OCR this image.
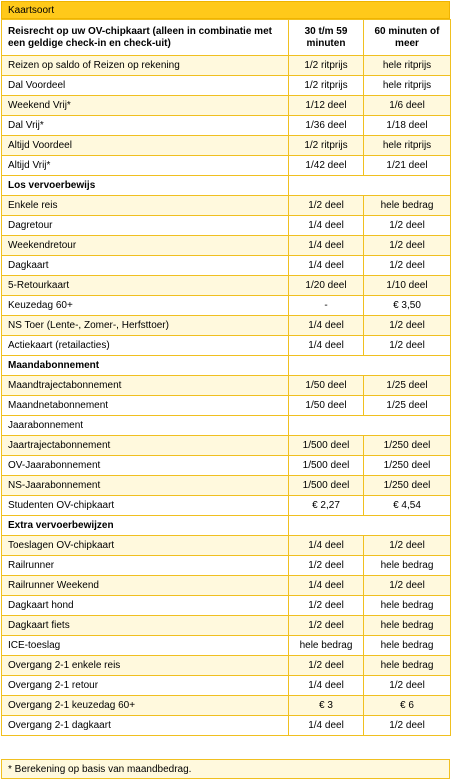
Kaartsoort
Reisrecht op uw OV-chipkaart (alleen in combinatie met een geldige check-in en check-uit)	30 t/m 59 minuten	60 minuten of meer
Reizen op saldo of Reizen op rekening	1/2 ritprijs	hele ritprijs
Dal Voordeel	1/2 ritprijs	hele ritprijs
Weekend Vrij*	1/12 deel	1/6 deel
Dal Vrij*	1/36 deel	1/18 deel
Altijd Voordeel	1/2 ritprijs	hele ritprijs
Altijd Vrij*	1/42 deel	1/21 deel
Los vervoerbewijs		
Enkele reis	1/2 deel	hele bedrag
Dagretour	1/4 deel	1/2 deel
Weekendretour	1/4 deel	1/2 deel
Dagkaart	1/4 deel	1/2 deel
5-Retourkaart	1/20 deel	1/10 deel
Keuzedag 60+	-	€ 3,50
NS Toer (Lente-, Zomer-, Herfsttoer)	1/4 deel	1/2 deel
Actiekaart (retailacties)	1/4 deel	1/2 deel
Maandabonnement		
Maandtrajectabonnement	1/50 deel	1/25 deel
Maandnetabonnement	1/50 deel	1/25 deel
Jaarabonnement		
Jaartrajectabonnement	1/500 deel	1/250 deel
OV-Jaarabonnement	1/500 deel	1/250 deel
NS-Jaarabonnement	1/500 deel	1/250 deel
Studenten OV-chipkaart	€ 2,27	€ 4,54
Extra vervoerbewijzen		
Toeslagen OV-chipkaart	1/4 deel	1/2 deel
Railrunner	1/2 deel	hele bedrag
Railrunner Weekend	1/4 deel	1/2 deel
Dagkaart hond	1/2 deel	hele bedrag
Dagkaart fiets	1/2 deel	hele bedrag
ICE-toeslag	hele bedrag	hele bedrag
Overgang 2-1 enkele reis	1/2 deel	hele bedrag
Overgang 2-1 retour	1/4 deel	1/2 deel
Overgang 2-1 keuzedag 60+	€ 3	€ 6
Overgang 2-1 dagkaart	1/4 deel	1/2 deel
* Berekening op basis van maandbedrag.
